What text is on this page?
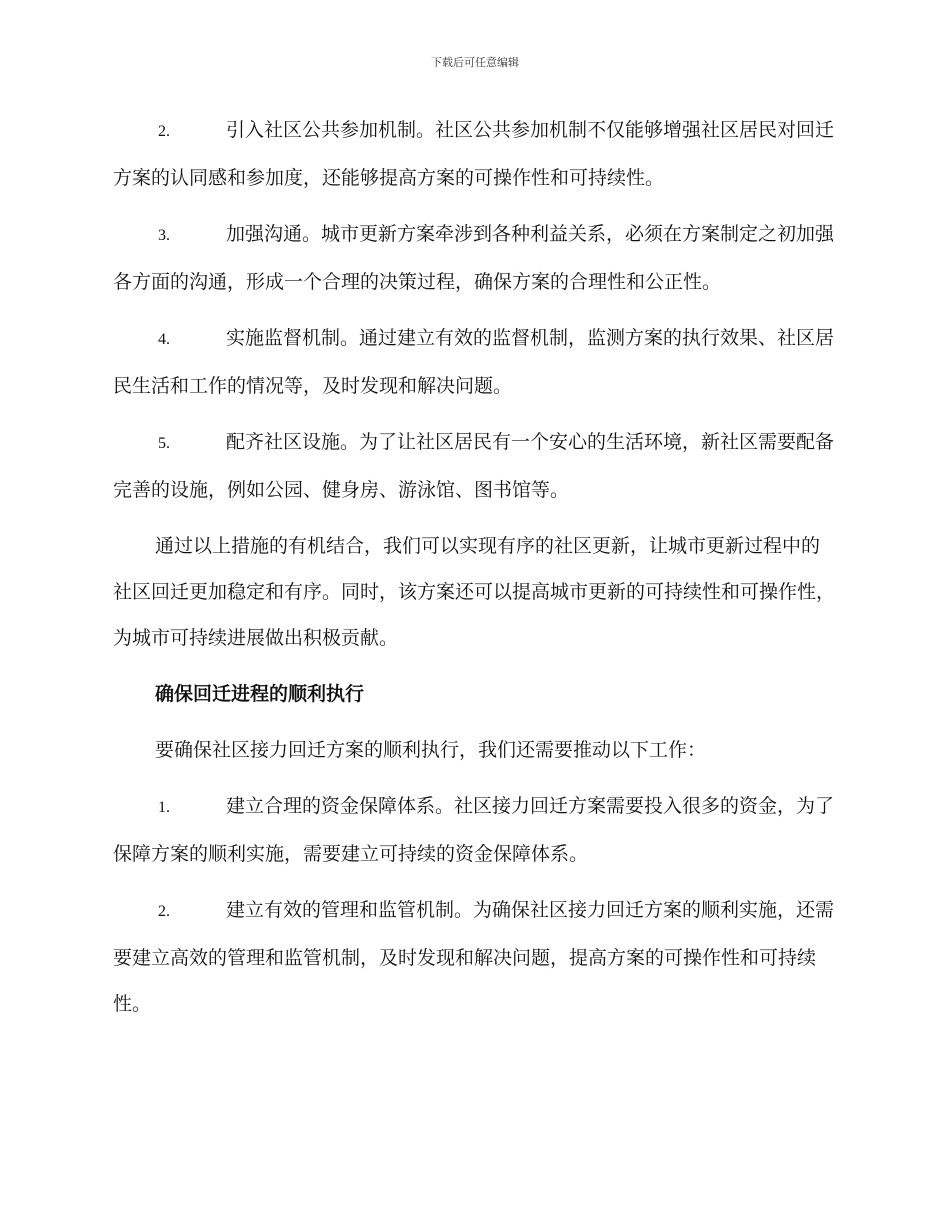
下载后可任意编辑

2.	引入社区公共参加机制。社区公共参加机制不仅能够增强社区居民对回迁方案的认同感和参加度，还能够提高方案的可操作性和可持续性。

3.	加强沟通。城市更新方案牵涉到各种利益关系，必须在方案制定之初加强各方面的沟通，形成一个合理的决策过程，确保方案的合理性和公正性。

4.	实施监督机制。通过建立有效的监督机制，监测方案的执行效果、社区居民生活和工作的情况等，及时发现和解决问题。

5.	配齐社区设施。为了让社区居民有一个安心的生活环境，新社区需要配备完善的设施，例如公园、健身房、游泳馆、图书馆等。

通过以上措施的有机结合，我们可以实现有序的社区更新，让城市更新过程中的社区回迁更加稳定和有序。同时，该方案还可以提高城市更新的可持续性和可操作性，为城市可持续进展做出积极贡献。

确保回迁进程的顺利执行

要确保社区接力回迁方案的顺利执行，我们还需要推动以下工作：

1.	建立合理的资金保障体系。社区接力回迁方案需要投入很多的资金，为了保障方案的顺利实施，需要建立可持续的资金保障体系。

2.	建立有效的管理和监管机制。为确保社区接力回迁方案的顺利实施，还需要建立高效的管理和监管机制，及时发现和解决问题，提高方案的可操作性和可持续性。
